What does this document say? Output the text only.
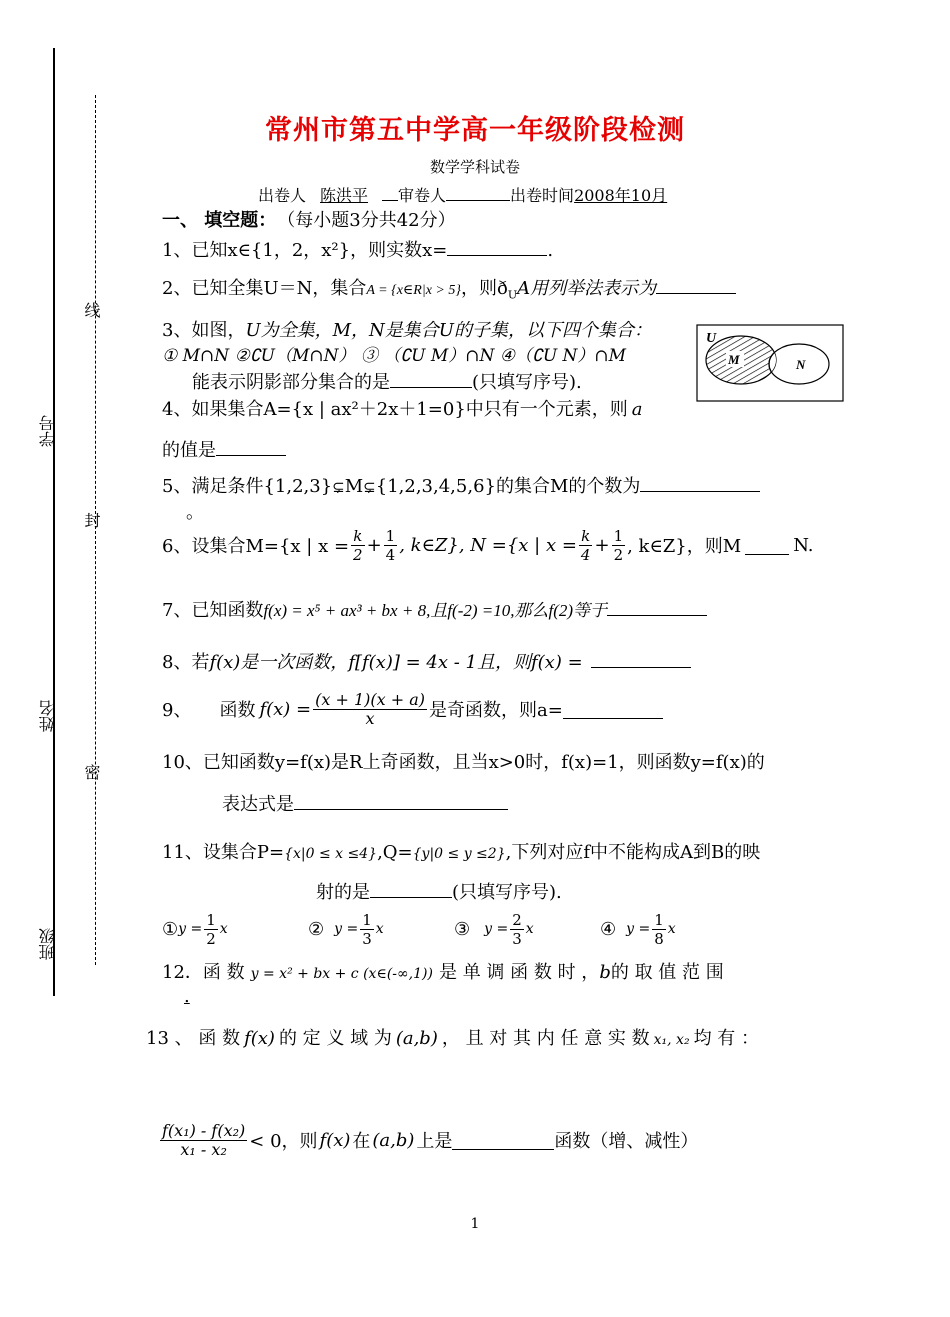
线
封
密
学号
姓名
班级
常州市第五中学高一年级阶段检测
数学学科试卷
出卷人 陈洪平 审卷人	出卷时间2008年10月
一、 填空题： （每小题3分共42分）
1、已知x∈{1，2，x²}，则实数x=	.
2、已知全集U＝N，集合A = {x∈R|x > 5}，则$ð_UA$用列举法表示为
3、如图，U为全集，M，N是集合U的子集，以下四个集合：
① M∩N ②∁U（M∩N） ③ （∁U M）∩N ④（∁U N）∩M
能表示阴影部分集合的是	(只填写序号).
U
M	N
4、如果集合A={x | ax²＋2x＋1=0}中只有一个元素，则 a
的值是
5、满足条件{1,2,3}⊊M⊊{1,2,3,4,5,6}的集合M的个数为
。
6、设集合M={x | $x = \frac{k}{2} + \frac{1}{4}$ , k∈Z}, N ={x | $x = \frac{k}{4} + \frac{1}{2}$ , k∈Z}，则M	N.
7、已知函数f(x) = x⁵ + ax³ + bx + 8,且f(-2) =10,那么f(2)等于
8、若f(x)是一次函数，f[f(x)] = 4x - 1且，则f(x) =
9、 函数 $f(x) = \frac{(x + 1)(x + a)}{x}$ 是奇函数，则a=
10、已知函数y=f(x)是R上奇函数，且当x>0时，f(x)=1，则函数y=f(x)的
表达式是
11、设集合P={x|0 ≤ x ≤4},Q={y|0 ≤ y ≤2},下列对应f中不能构成A到B的映
射的是	(只填写序号).
① $y = \frac{1}{2}$ x	② $y = \frac{1}{3}$ x	③ $y = \frac{2}{3}$ x	④ $y = \frac{1}{8}$ x
12．函 数 y = x² + bx + c (x∈(-∞,1)) 是 单 调 函 数 时 ，b的 取 值 范 围
.
13 、 函 数 f(x) 的 定 义 域 为 (a,b) ， 且 对 其 内 任 意 实 数 x₁, x₂ 均 有 ：
$\frac{\text{f(x₁) - f(x₂)}}{\text{x₁ - x₂}} < 0$，则 f(x) 在 (a,b) 上是	函数（增、减性）
1
